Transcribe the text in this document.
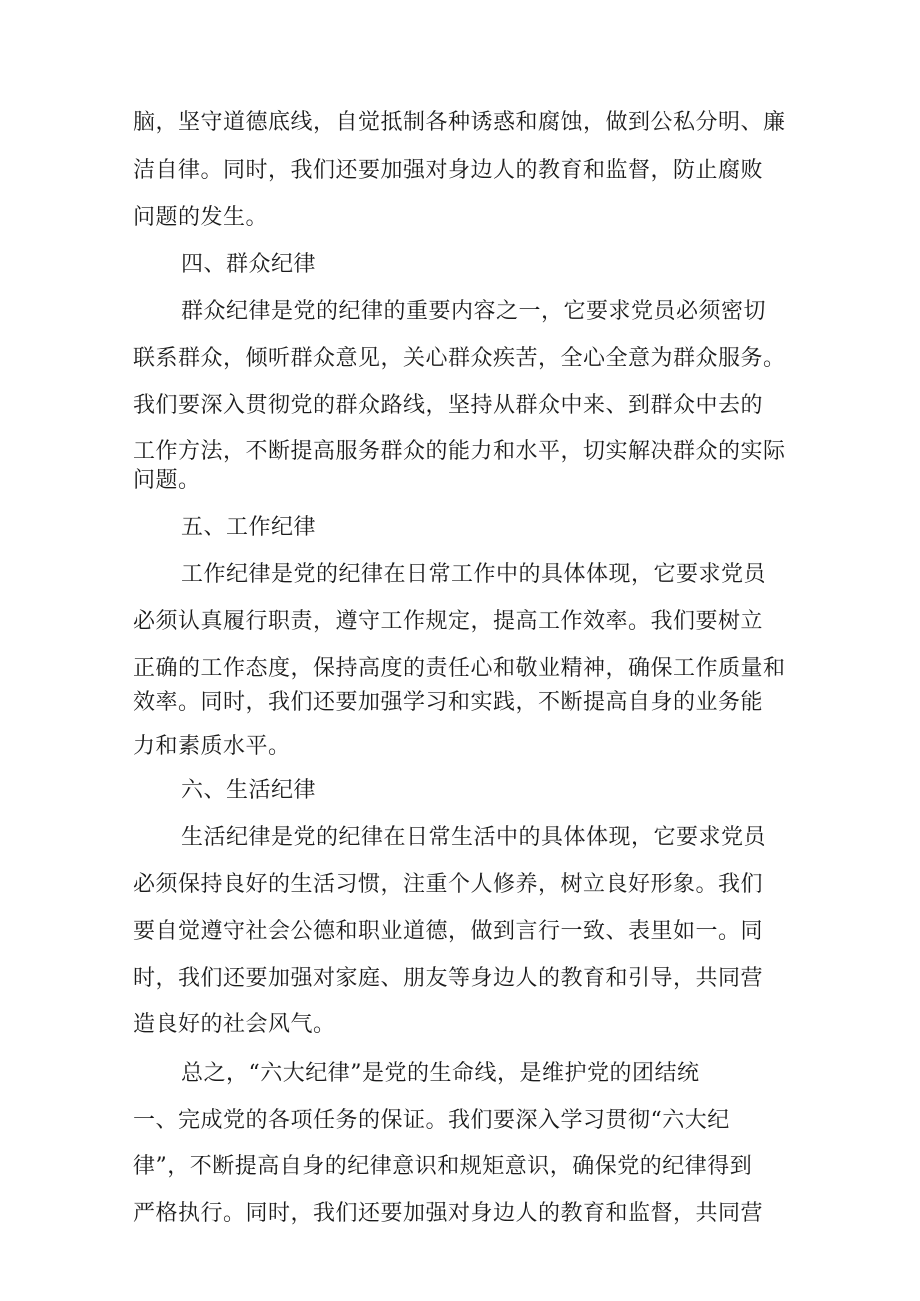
脑，坚守道德底线，自觉抵制各种诱惑和腐蚀，做到公私分明、廉
洁自律。同时，我们还要加强对身边人的教育和监督，防止腐败
问题的发生。
四、群众纪律
群众纪律是党的纪律的重要内容之一，它要求党员必须密切
联系群众，倾听群众意见，关心群众疾苦，全心全意为群众服务。
我们要深入贯彻党的群众路线，坚持从群众中来、到群众中去的
工作方法，不断提高服务群众的能力和水平，切实解决群众的实际
问题。
五、工作纪律
工作纪律是党的纪律在日常工作中的具体体现，它要求党员
必须认真履行职责，遵守工作规定，提高工作效率。我们要树立
正确的工作态度，保持高度的责任心和敬业精神，确保工作质量和
效率。同时，我们还要加强学习和实践，不断提高自身的业务能
力和素质水平。
六、生活纪律
生活纪律是党的纪律在日常生活中的具体体现，它要求党员
必须保持良好的生活习惯，注重个人修养，树立良好形象。我们
要自觉遵守社会公德和职业道德，做到言行一致、表里如一。同
时，我们还要加强对家庭、朋友等身边人的教育和引导，共同营
造良好的社会风气。
总之，“六大纪律”是党的生命线，是维护党的团结统
一、完成党的各项任务的保证。我们要深入学习贯彻“六大纪
律”，不断提高自身的纪律意识和规矩意识，确保党的纪律得到
严格执行。同时，我们还要加强对身边人的教育和监督，共同营
